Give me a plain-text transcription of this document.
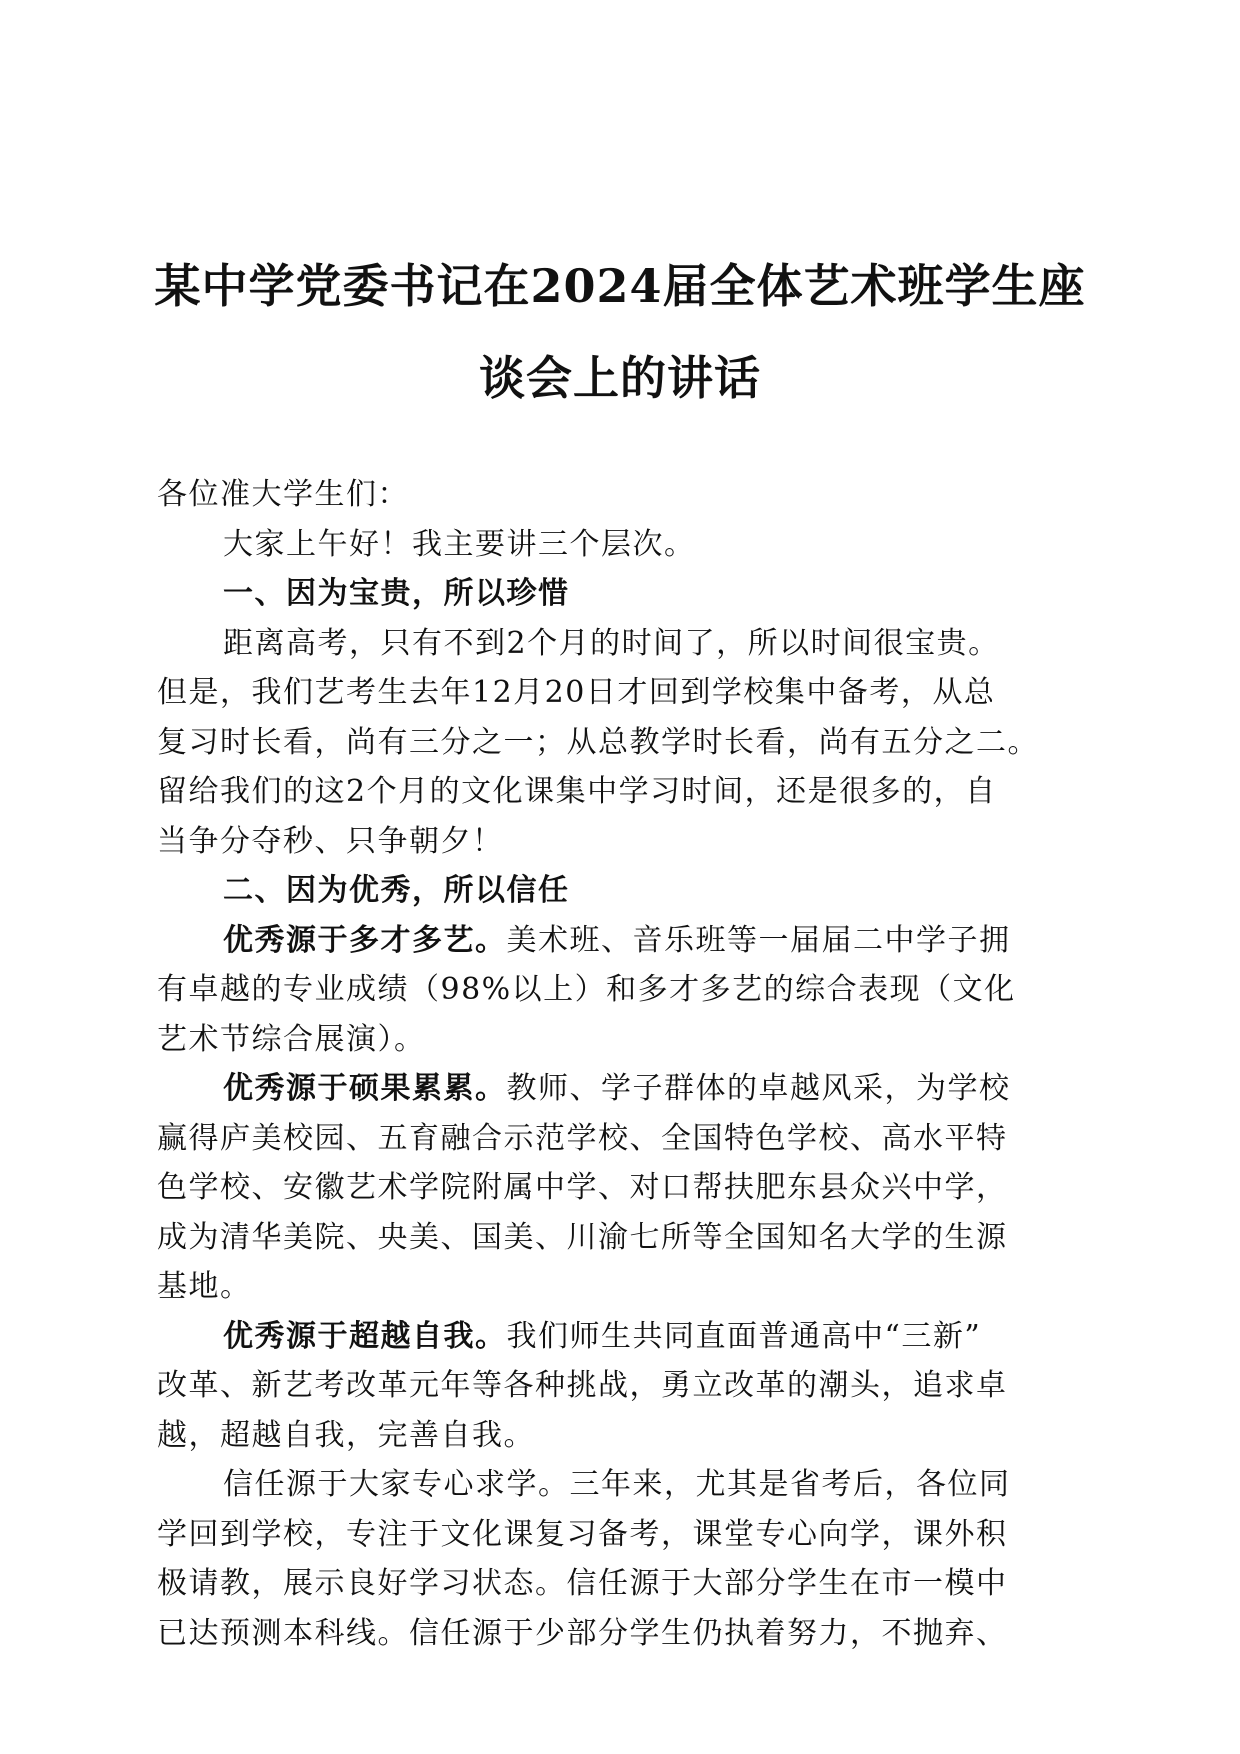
某中学党委书记在2024届全体艺术班学生座
谈会上的讲话

各位准大学生们：

大家上午好！我主要讲三个层次。

一、因为宝贵，所以珍惜

距离高考，只有不到2个月的时间了，所以时间很宝贵。
但是，我们艺考生去年12月20日才回到学校集中备考，从总
复习时长看，尚有三分之一；从总教学时长看，尚有五分之二。
留给我们的这2个月的文化课集中学习时间，还是很多的，自
当争分夺秒、只争朝夕！

二、因为优秀，所以信任

优秀源于多才多艺。美术班、音乐班等一届届二中学子拥
有卓越的专业成绩（98%以上）和多才多艺的综合表现（文化
艺术节综合展演）。

优秀源于硕果累累。教师、学子群体的卓越风采，为学校
赢得庐美校园、五育融合示范学校、全国特色学校、高水平特
色学校、安徽艺术学院附属中学、对口帮扶肥东县众兴中学，
成为清华美院、央美、国美、川渝七所等全国知名大学的生源
基地。

优秀源于超越自我。我们师生共同直面普通高中“三新”
改革、新艺考改革元年等各种挑战，勇立改革的潮头，追求卓
越，超越自我，完善自我。

信任源于大家专心求学。三年来，尤其是省考后，各位同
学回到学校，专注于文化课复习备考，课堂专心向学，课外积
极请教，展示良好学习状态。信任源于大部分学生在市一模中
已达预测本科线。信任源于少部分学生仍执着努力，不抛弃、
